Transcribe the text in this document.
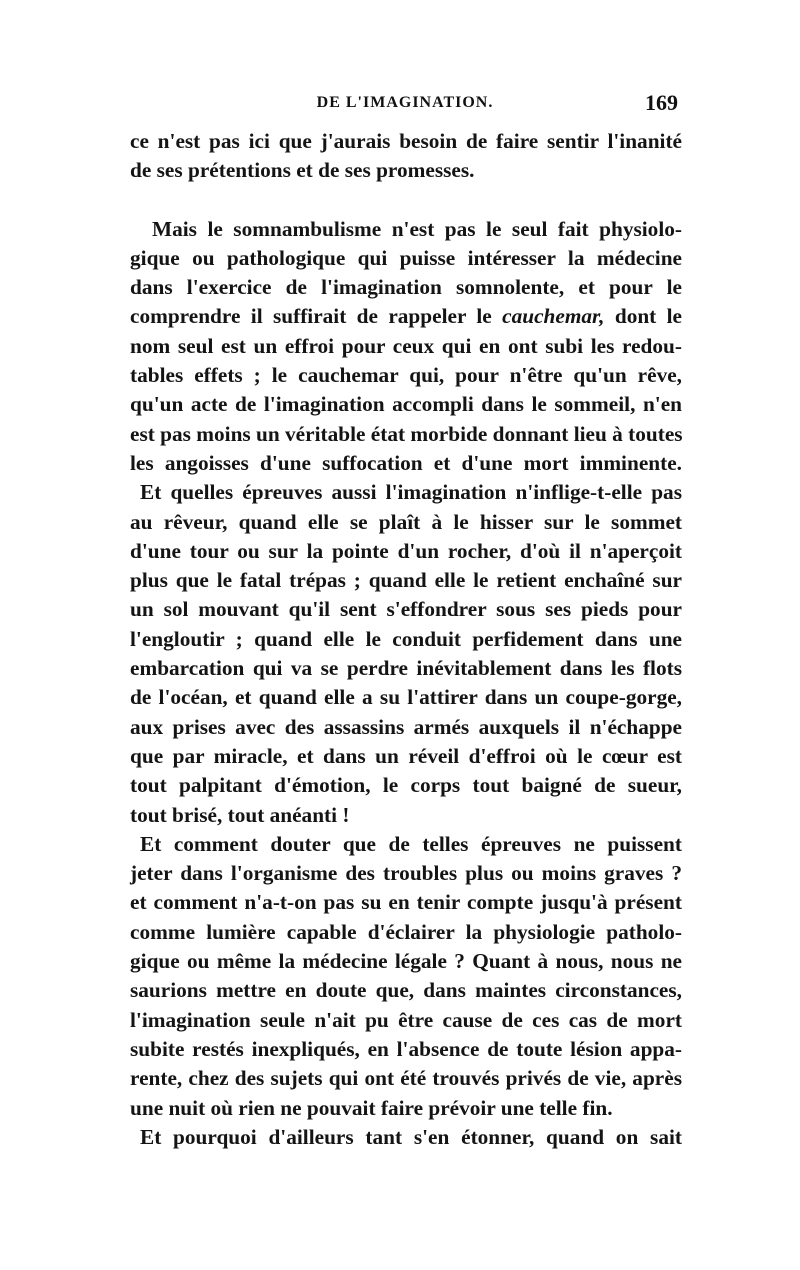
DE L'IMAGINATION.	169
ce n'est pas ici que j'aurais besoin de faire sentir l'inanité
de ses prétentions et de ses promesses.
Mais le somnambulisme n'est pas le seul fait physiolo-
gique ou pathologique qui puisse intéresser la médecine
dans l'exercice de l'imagination somnolente, et pour le
comprendre il suffirait de rappeler le cauchemar, dont le
nom seul est un effroi pour ceux qui en ont subi les redou-
tables effets ; le cauchemar qui, pour n'être qu'un rêve,
qu'un acte de l'imagination accompli dans le sommeil, n'en
est pas moins un véritable état morbide donnant lieu à toutes
les angoisses d'une suffocation et d'une mort imminente.
Et quelles épreuves aussi l'imagination n'inflige-t-elle pas
au rêveur, quand elle se plaît à le hisser sur le sommet
d'une tour ou sur la pointe d'un rocher, d'où il n'aperçoit
plus que le fatal trépas ; quand elle le retient enchaîné sur
un sol mouvant qu'il sent s'effondrer sous ses pieds pour
l'engloutir ; quand elle le conduit perfidement dans une
embarcation qui va se perdre inévitablement dans les flots
de l'océan, et quand elle a su l'attirer dans un coupe-gorge,
aux prises avec des assassins armés auxquels il n'échappe
que par miracle, et dans un réveil d'effroi où le cœur est
tout palpitant d'émotion, le corps tout baigné de sueur,
tout brisé, tout anéanti !
Et comment douter que de telles épreuves ne puissent
jeter dans l'organisme des troubles plus ou moins graves ?
et comment n'a-t-on pas su en tenir compte jusqu'à présent
comme lumière capable d'éclairer la physiologie patholo-
gique ou même la médecine légale ? Quant à nous, nous ne
saurions mettre en doute que, dans maintes circonstances,
l'imagination seule n'ait pu être cause de ces cas de mort
subite restés inexpliqués, en l'absence de toute lésion appa-
rente, chez des sujets qui ont été trouvés privés de vie, après
une nuit où rien ne pouvait faire prévoir une telle fin.
Et pourquoi d'ailleurs tant s'en étonner, quand on sait
